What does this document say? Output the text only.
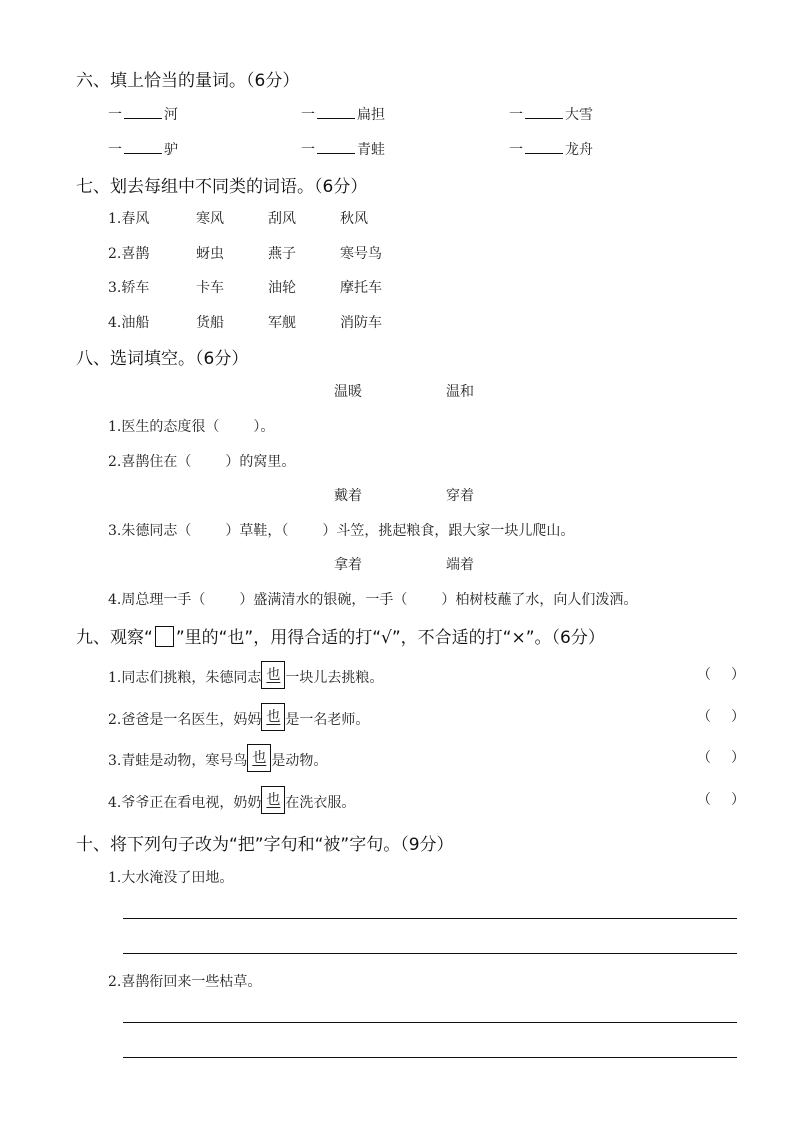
六、填上恰当的量词。（6分）
一	河	一	扁担	一	大雪
一	驴	一	青蛙	一	龙舟
七、划去每组中不同类的词语。（6分）
1.春风	寒风	刮风	秋风
2.喜鹊	蚜虫	燕子	寒号鸟
3.轿车	卡车	油轮	摩托车
4.油船	货船	军舰	消防车
八、选词填空。（6分）
温暖	温和
1.医生的态度很（ ）。
2.喜鹊住在（ ）的窝里。
戴着	穿着
3.朱德同志（ ）草鞋，（ ）斗笠，挑起粮食，跟大家一块儿爬山。
拿着	端着
4.周总理一手（ ）盛满清水的银碗，一手（ ）柏树枝蘸了水，向人们泼洒。
九、观察“ ”里的“也”，用得合适的打“√”，不合适的打“×”。（6分）
1.同志们挑粮，朱德同志 也 一块儿去挑粮。	（ ）
2.爸爸是一名医生，妈妈 也 是一名老师。	（ ）
3.青蛙是动物，寒号鸟 也 是动物。	（ ）
4.爷爷正在看电视，奶奶 也 在洗衣服。	（ ）
十、将下列句子改为“把”字句和“被”字句。（9分）
1.大水淹没了田地。
2.喜鹊衔回来一些枯草。
